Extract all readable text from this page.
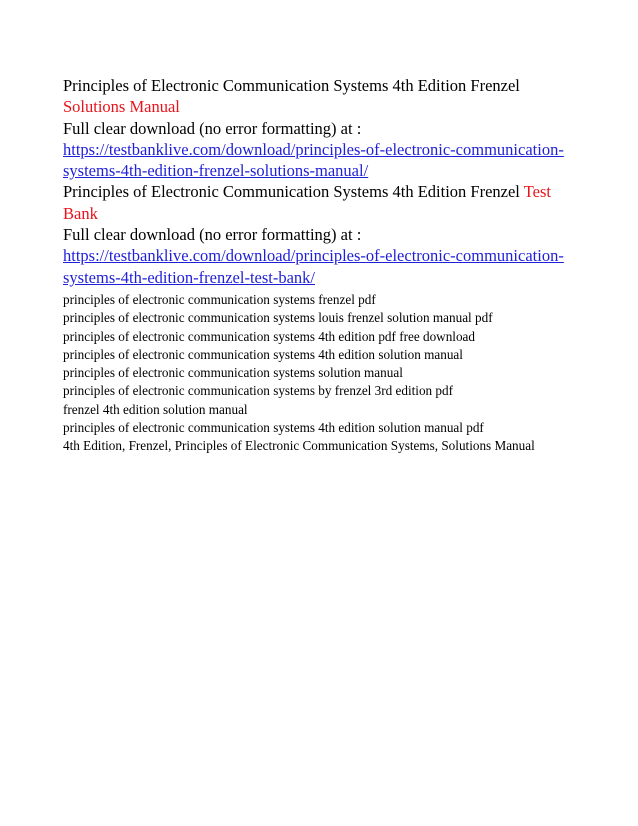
Principles of Electronic Communication Systems 4th Edition Frenzel Solutions Manual

Full clear download (no error formatting) at :

https://testbanklive.com/download/principles-of-electronic-communication-
systems-4th-edition-frenzel-solutions-manual/

Principles of Electronic Communication Systems 4th Edition Frenzel Test Bank

Full clear download (no error formatting) at :

https://testbanklive.com/download/principles-of-electronic-communication-
systems-4th-edition-frenzel-test-bank/
principles of electronic communication systems frenzel pdf
principles of electronic communication systems louis frenzel solution manual pdf
principles of electronic communication systems 4th edition pdf free download
principles of electronic communication systems 4th edition solution manual
principles of electronic communication systems solution manual
principles of electronic communication systems by frenzel 3rd edition pdf
frenzel 4th edition solution manual
principles of electronic communication systems 4th edition solution manual pdf
4th Edition, Frenzel, Principles of Electronic Communication Systems, Solutions Manual
